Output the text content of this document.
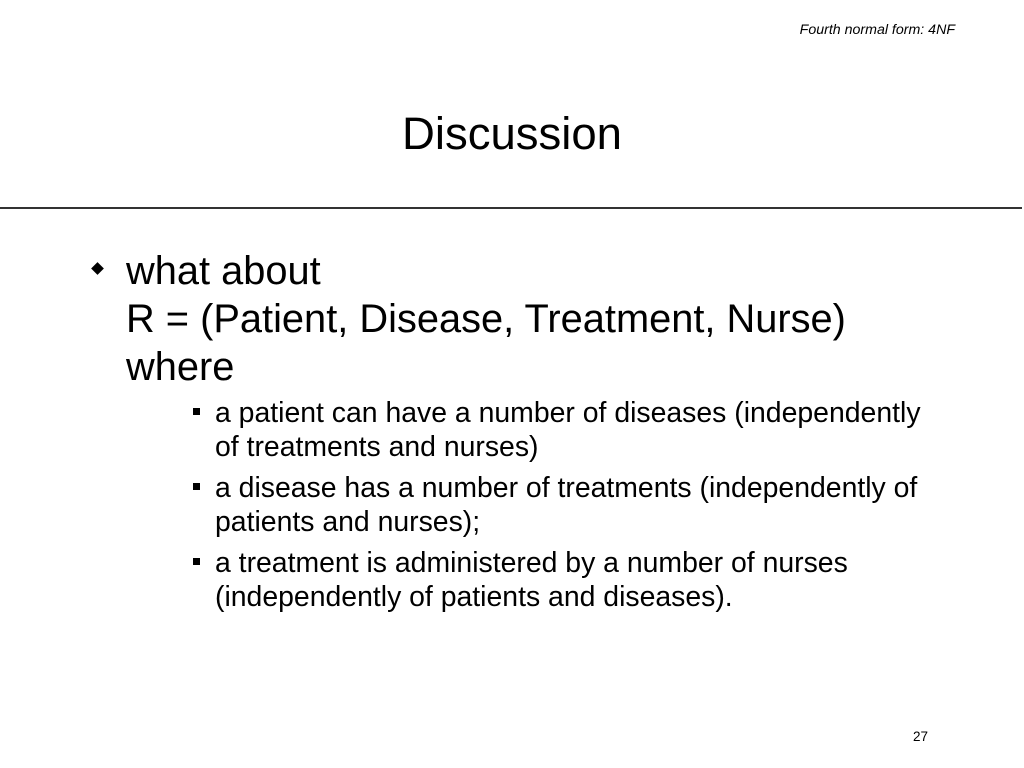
Fourth normal form: 4NF
Discussion
what about
R = (Patient, Disease, Treatment, Nurse)
where
a patient can have a number of diseases (independently of treatments and nurses)
a disease has a number of treatments (independently of patients and nurses);
a treatment is administered by a number of nurses (independently of patients and diseases).
27
